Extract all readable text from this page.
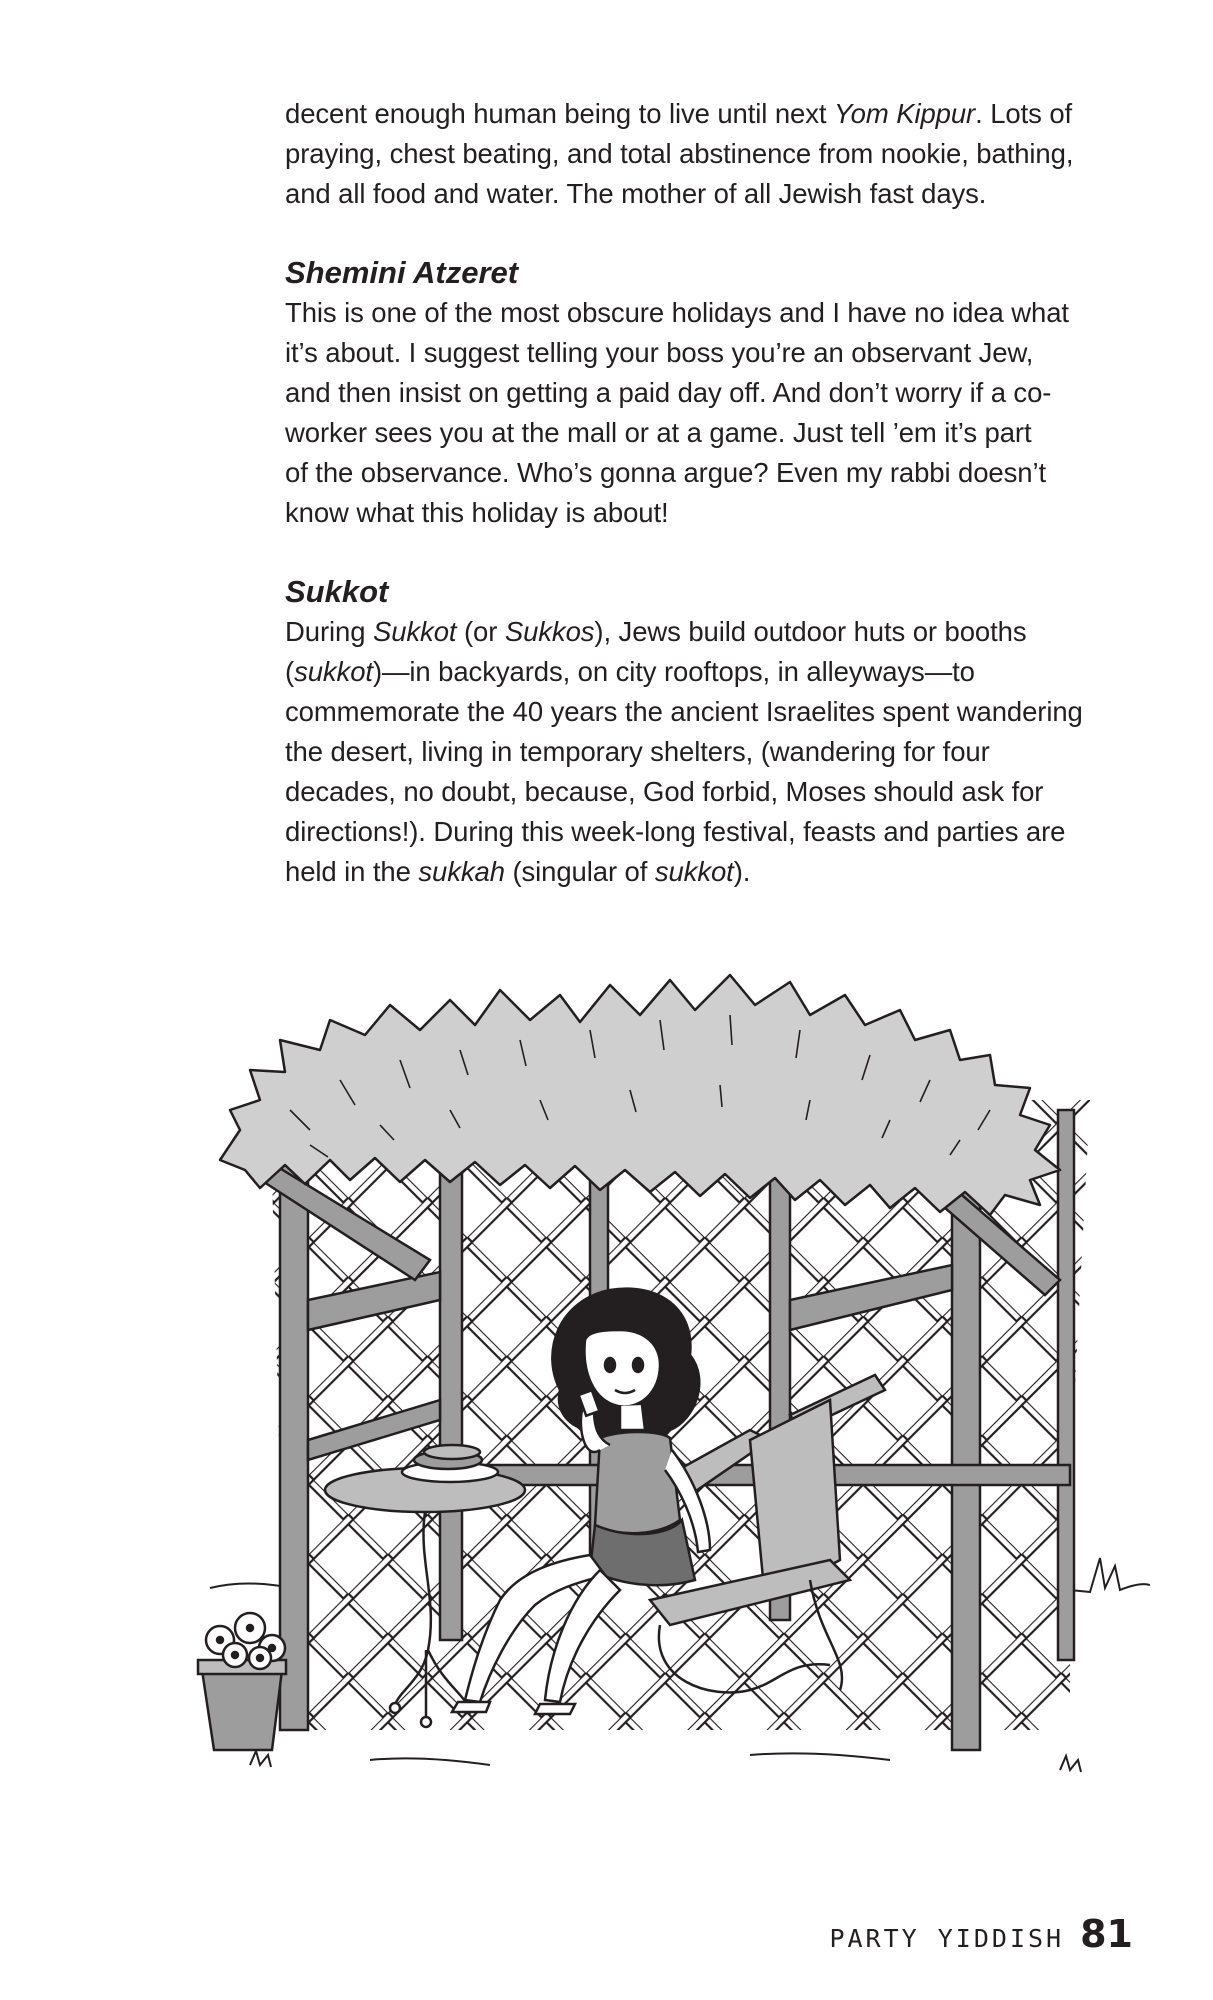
decent enough human being to live until next Yom Kippur. Lots of
praying, chest beating, and total abstinence from nookie, bathing,
and all food and water. The mother of all Jewish fast days.

Shemini Atzeret

This is one of the most obscure holidays and I have no idea what
it’s about. I suggest telling your boss you’re an observant Jew,
and then insist on getting a paid day off. And don’t worry if a co-
worker sees you at the mall or at a game. Just tell ’em it’s part
of the observance. Who’s gonna argue? Even my rabbi doesn’t
know what this holiday is about!

Sukkot

During Sukkot (or Sukkos), Jews build outdoor huts or booths
(sukkot)—in backyards, on city rooftops, in alleyways—to
commemorate the 40 years the ancient Israelites spent wandering
the desert, living in temporary shelters, (wandering for four
decades, no doubt, because, God forbid, Moses should ask for
directions!). During this week-long festival, feasts and parties are
held in the sukkah (singular of sukkot).

PARTY YIDDISH 81
